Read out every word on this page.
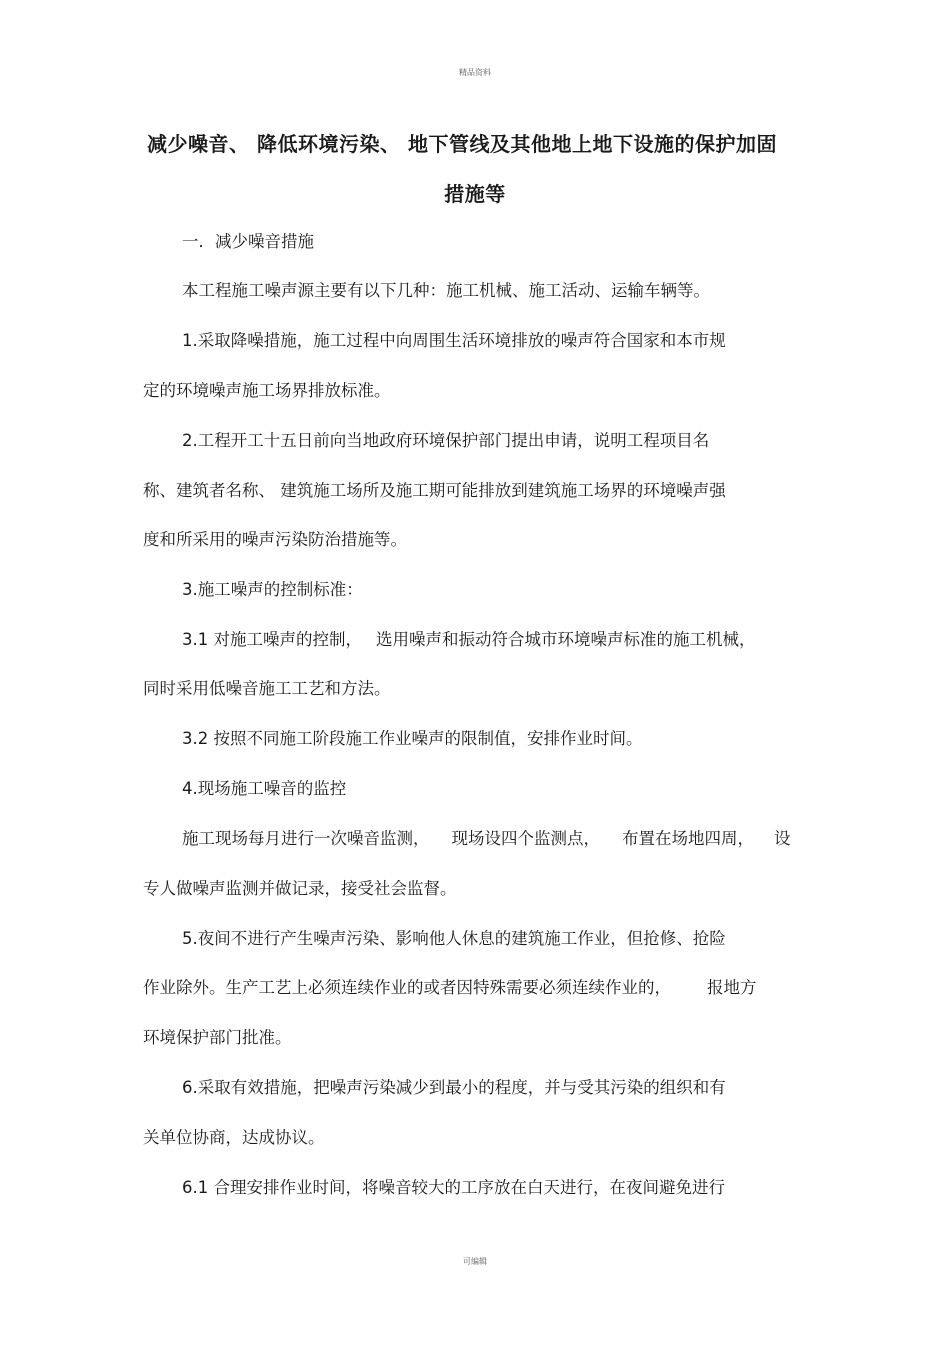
精品资料
减少噪音、 降低环境污染、 地下管线及其他地上地下设施的保护加固
措施等
一．减少噪音措施
本工程施工噪声源主要有以下几种：施工机械、施工活动、运输车辆等。
1.采取降噪措施，施工过程中向周围生活环境排放的噪声符合国家和本市规
定的环境噪声施工场界排放标准。
2.工程开工十五日前向当地政府环境保护部门提出申请，说明工程项目名
称、建筑者名称、 建筑施工场所及施工期可能排放到建筑施工场界的环境噪声强
度和所采用的噪声污染防治措施等。
3.施工噪声的控制标准：
3.1 对施工噪声的控制， 选用噪声和振动符合城市环境噪声标准的施工机械，
同时采用低噪音施工工艺和方法。
3.2 按照不同施工阶段施工作业噪声的限制值，安排作业时间。
4.现场施工噪音的监控
施工现场每月进行一次噪音监测， 现场设四个监测点， 布置在场地四周， 设
专人做噪声监测并做记录，接受社会监督。
5.夜间不进行产生噪声污染、影响他人休息的建筑施工作业，但抢修、抢险
作业除外。生产工艺上必须连续作业的或者因特殊需要必须连续作业的， 报地方
环境保护部门批准。
6.采取有效措施，把噪声污染减少到最小的程度，并与受其污染的组织和有
关单位协商，达成协议。
6.1 合理安排作业时间，将噪音较大的工序放在白天进行，在夜间避免进行
可编辑
